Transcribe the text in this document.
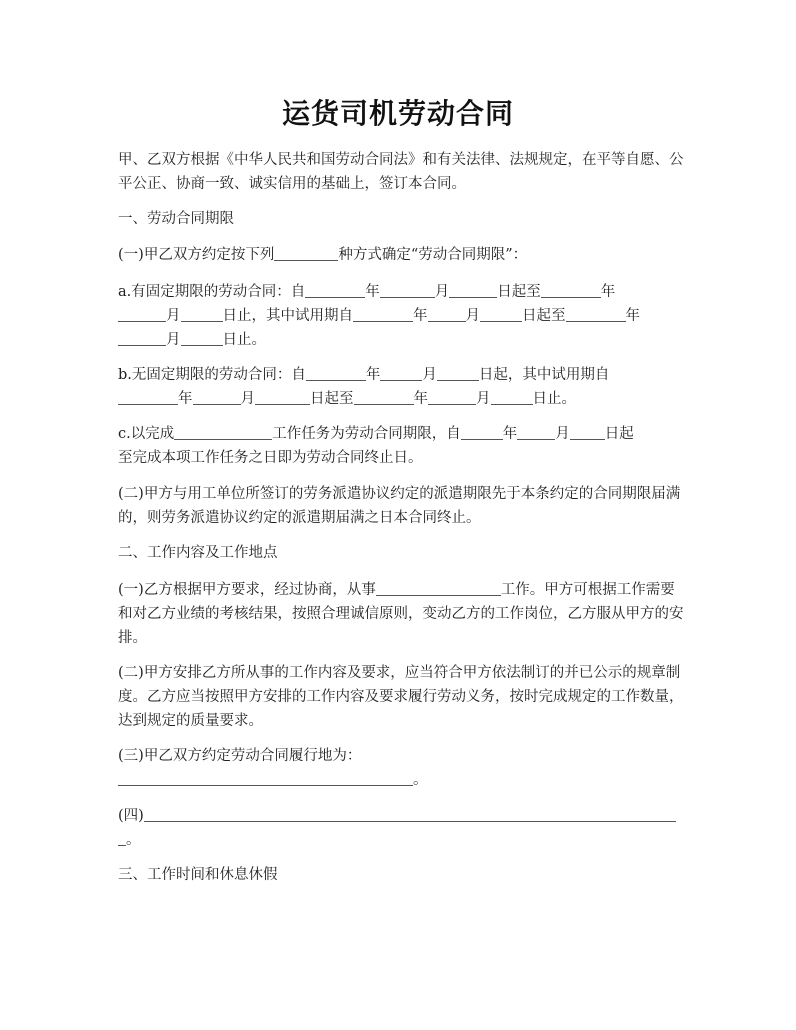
运货司机劳动合同
甲、乙双方根据《中华人民共和国劳动合同法》和有关法律、法规规定，在平等自愿、公平公正、协商一致、诚实信用的基础上，签订本合同。
一、劳动合同期限
(一)甲乙双方约定按下列	种方式确定“劳动合同期限”：
a.有固定期限的劳动合同：自	年	月	日起至	年
月	日止，其中试用期自	年	月	日起至	年
月	日止。
b.无固定期限的劳动合同：自	年	月	日起，其中试用期自
年	月	日起至	年	月	日止。
c.以完成	工作任务为劳动合同期限，自	年	月 日起
至完成本项工作任务之日即为劳动合同终止日。
(二)甲方与用工单位所签订的劳务派遣协议约定的派遣期限先于本条约定的合同期限届满的，则劳务派遣协议约定的派遣期届满之日本合同终止。
二、工作内容及工作地点
(一)乙方根据甲方要求，经过协商，从事	工作。甲方可根据工作需要和对乙方业绩的考核结果，按照合理诚信原则，变动乙方的工作岗位，乙方服从甲方的安排。
(二)甲方安排乙方所从事的工作内容及要求，应当符合甲方依法制订的并已公示的规章制度。乙方应当按照甲方安排的工作内容及要求履行劳动义务，按时完成规定的工作数量，达到规定的质量要求。
(三)甲乙双方约定劳动合同履行地为：
。
(四)
。
三、工作时间和休息休假
